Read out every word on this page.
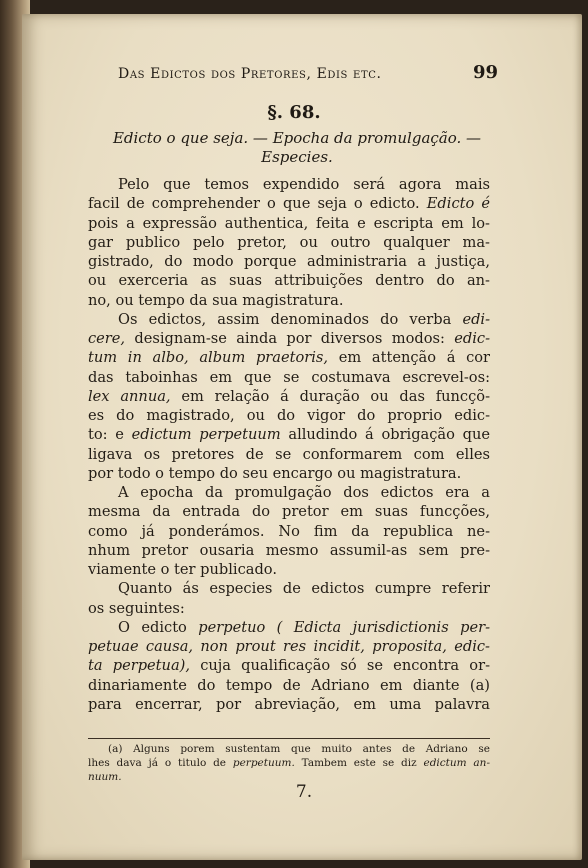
Das Edictos dos Pretores, Edis etc.	99
§. 68.
Edicto o que seja. — Epocha da promulgação. —
Especies.
Pelo que temos expendido será agora mais
facil de comprehender o que seja o edicto. Edicto é
pois a expressão authentica, feita e escripta em lo-
gar publico pelo pretor, ou outro qualquer ma-
gistrado, do modo porque administraria a justiça,
ou exerceria as suas attribuições dentro do an-
no, ou tempo da sua magistratura.
Os edictos, assim denominados do verba edi-
cere, designam-se ainda por diversos modos: edic-
tum in albo, album praetoris, em attenção á cor
das taboinhas em que se costumava escrevel-os:
lex annua, em relação á duração ou das funcçõ-
es do magistrado, ou do vigor do proprio edic-
to: e edictum perpetuum alludindo á obrigação que
ligava os pretores de se conformarem com elles
por todo o tempo do seu encargo ou magistratura.
A epocha da promulgação dos edictos era a
mesma da entrada do pretor em suas funcções,
como já ponderámos. No fim da republica ne-
nhum pretor ousaria mesmo assumil-as sem pre-
viamente o ter publicado.
Quanto ás especies de edictos cumpre referir
os seguintes:
O edicto perpetuo ( Edicta jurisdictionis per-
petuae causa, non prout res incidit, proposita, edic-
ta perpetua), cuja qualificação só se encontra or-
dinariamente do tempo de Adriano em diante (a)
para encerrar, por abreviação, em uma palavra
(a) Alguns porem sustentam que muito antes de Adriano se
lhes dava já o titulo de perpetuum. Tambem este se diz edictum an-
nuum.
7.
